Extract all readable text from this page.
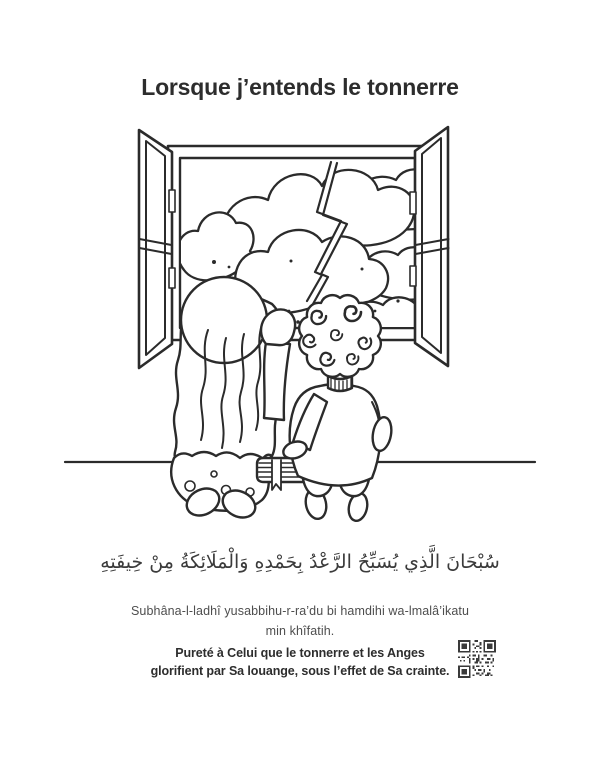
Lorsque j’entends le tonnerre
سُبْحَانَ الَّذِي يُسَبِّحُ الرَّعْدُ بِحَمْدِهِ وَالْمَلَائِكَةُ مِنْ خِيفَتِهِ
Subhâna-l-ladhî yusabbihu-r-ra’du bi hamdihi wa-lmalâ’ikatu
min khîfatih.
Pureté à Celui que le tonnerre et les Anges
glorifient par Sa louange, sous l’effet de Sa crainte.
